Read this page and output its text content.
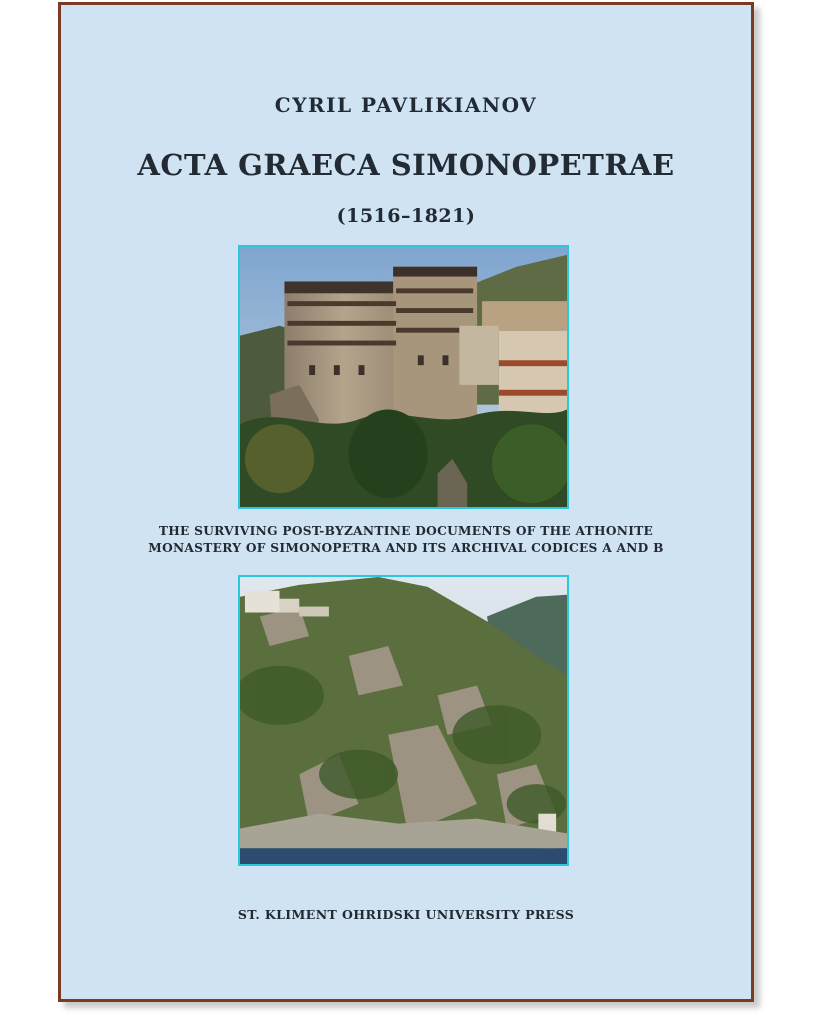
CYRIL PAVLIKIANOV
ACTA GRAECA SIMONOPETRAE
(1516–1821)
THE SURVIVING POST-BYZANTINE DOCUMENTS OF THE ATHONITE
MONASTERY OF SIMONOPETRA AND ITS ARCHIVAL CODICES A AND B
ST. KLIMENT OHRIDSKI UNIVERSITY PRESS
